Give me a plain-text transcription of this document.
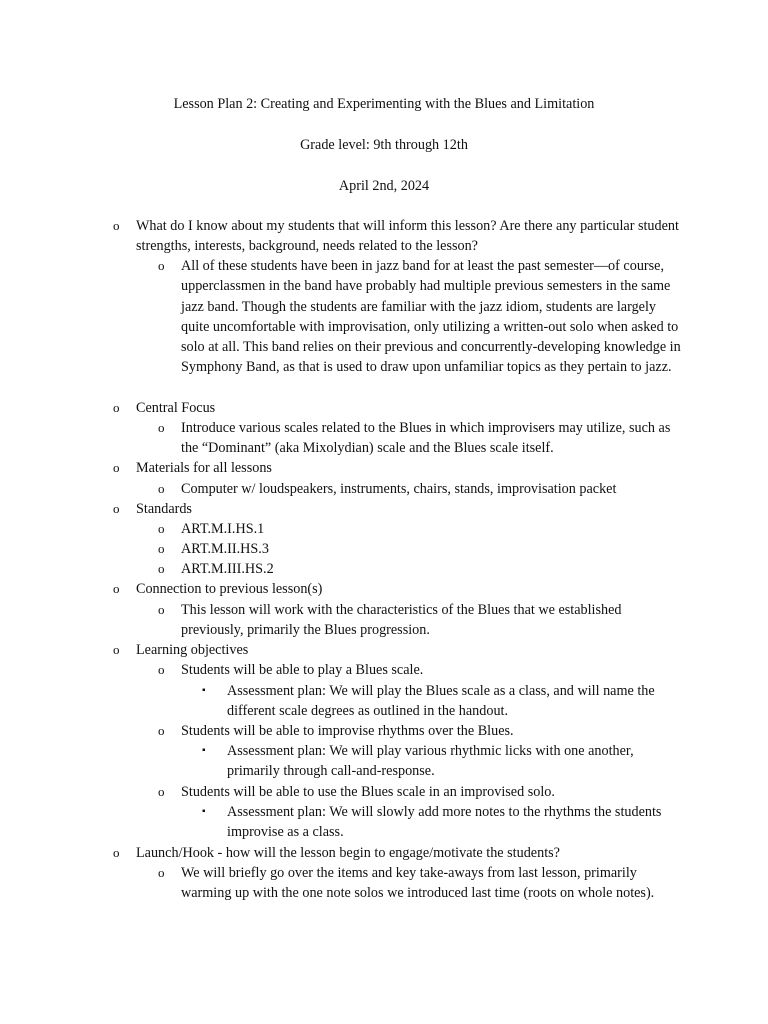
Lesson Plan 2: Creating and Experimenting with the Blues and Limitation
Grade level: 9th through 12th
April 2nd, 2024
o What do I know about my students that will inform this lesson? Are there any particular student strengths, interests, background, needs related to the lesson?
o All of these students have been in jazz band for at least the past semester—of course, upperclassmen in the band have probably had multiple previous semesters in the same jazz band. Though the students are familiar with the jazz idiom, students are largely quite uncomfortable with improvisation, only utilizing a written-out solo when asked to solo at all. This band relies on their previous and concurrently-developing knowledge in Symphony Band, as that is used to draw upon unfamiliar topics as they pertain to jazz.
o Central Focus
o Introduce various scales related to the Blues in which improvisers may utilize, such as the “Dominant” (aka Mixolydian) scale and the Blues scale itself.
o Materials for all lessons
o Computer w/ loudspeakers, instruments, chairs, stands, improvisation packet
o Standards
o ART.M.I.HS.1
o ART.M.II.HS.3
o ART.M.III.HS.2
o Connection to previous lesson(s)
o This lesson will work with the characteristics of the Blues that we established previously, primarily the Blues progression.
o Learning objectives
o Students will be able to play a Blues scale.
▪ Assessment plan: We will play the Blues scale as a class, and will name the different scale degrees as outlined in the handout.
o Students will be able to improvise rhythms over the Blues.
▪ Assessment plan: We will play various rhythmic licks with one another, primarily through call-and-response.
o Students will be able to use the Blues scale in an improvised solo.
▪ Assessment plan: We will slowly add more notes to the rhythms the students improvise as a class.
o Launch/Hook - how will the lesson begin to engage/motivate the students?
o We will briefly go over the items and key take-aways from last lesson, primarily warming up with the one note solos we introduced last time (roots on whole notes).
